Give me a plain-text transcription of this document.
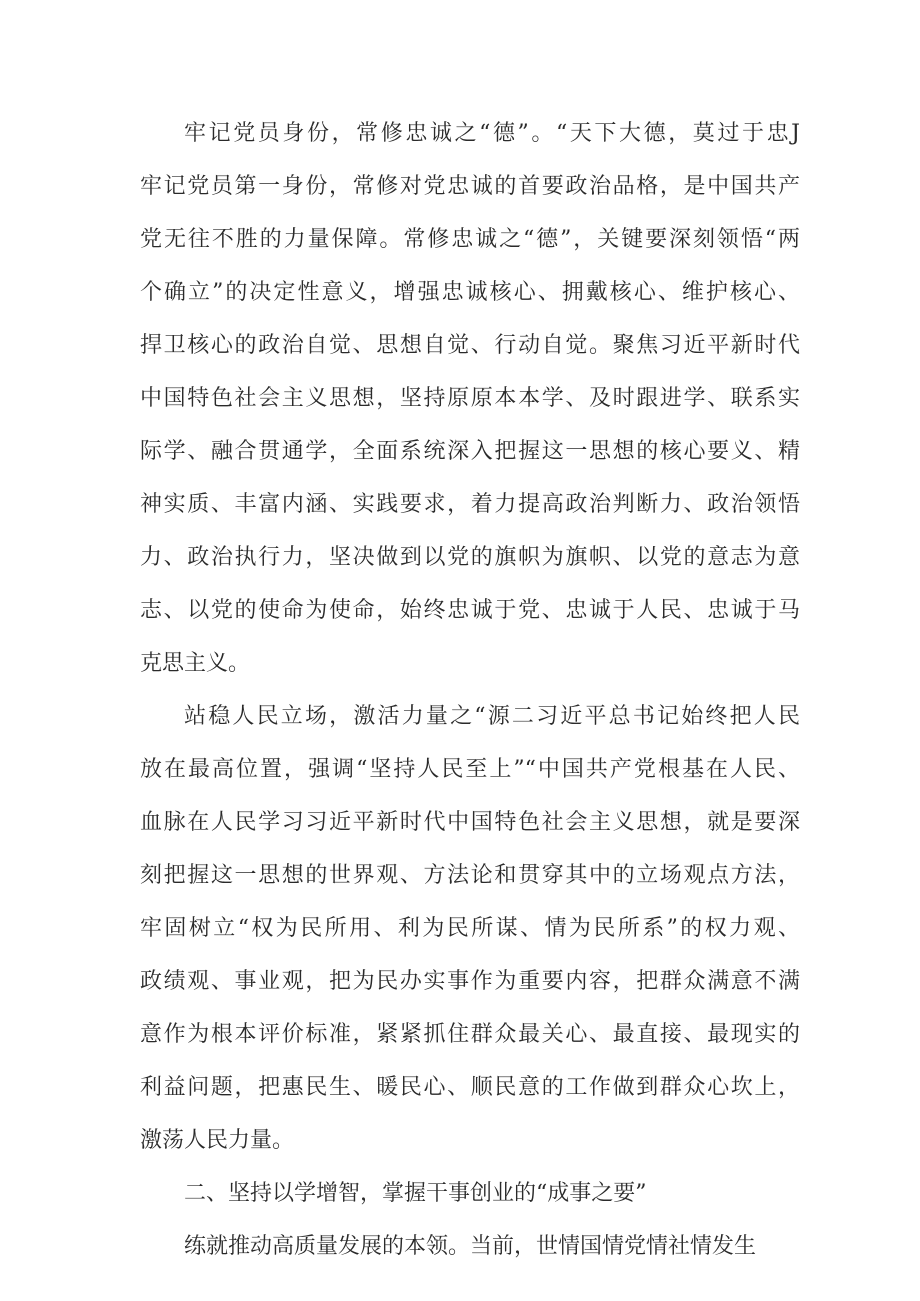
牢记党员身份，常修忠诚之“德”。“天下大德，莫过于忠J
牢记党员第一身份，常修对党忠诚的首要政治品格，是中国共产
党无往不胜的力量保障。常修忠诚之“德”，关键要深刻领悟“两
个确立”的决定性意义，增强忠诚核心、拥戴核心、维护核心、
捍卫核心的政治自觉、思想自觉、行动自觉。聚焦习近平新时代
中国特色社会主义思想，坚持原原本本学、及时跟进学、联系实
际学、融合贯通学，全面系统深入把握这一思想的核心要义、精
神实质、丰富内涵、实践要求，着力提高政治判断力、政治领悟
力、政治执行力，坚决做到以党的旗帜为旗帜、以党的意志为意
志、以党的使命为使命，始终忠诚于党、忠诚于人民、忠诚于马
克思主义。
站稳人民立场，激活力量之“源二习近平总书记始终把人民
放在最高位置，强调“坚持人民至上”“中国共产党根基在人民、
血脉在人民学习习近平新时代中国特色社会主义思想，就是要深
刻把握这一思想的世界观、方法论和贯穿其中的立场观点方法，
牢固树立“权为民所用、利为民所谋、情为民所系”的权力观、
政绩观、事业观，把为民办实事作为重要内容，把群众满意不满
意作为根本评价标准，紧紧抓住群众最关心、最直接、最现实的
利益问题，把惠民生、暖民心、顺民意的工作做到群众心坎上，
激荡人民力量。
二、坚持以学增智，掌握干事创业的“成事之要”
练就推动高质量发展的本领。当前，世情国情党情社情发生
